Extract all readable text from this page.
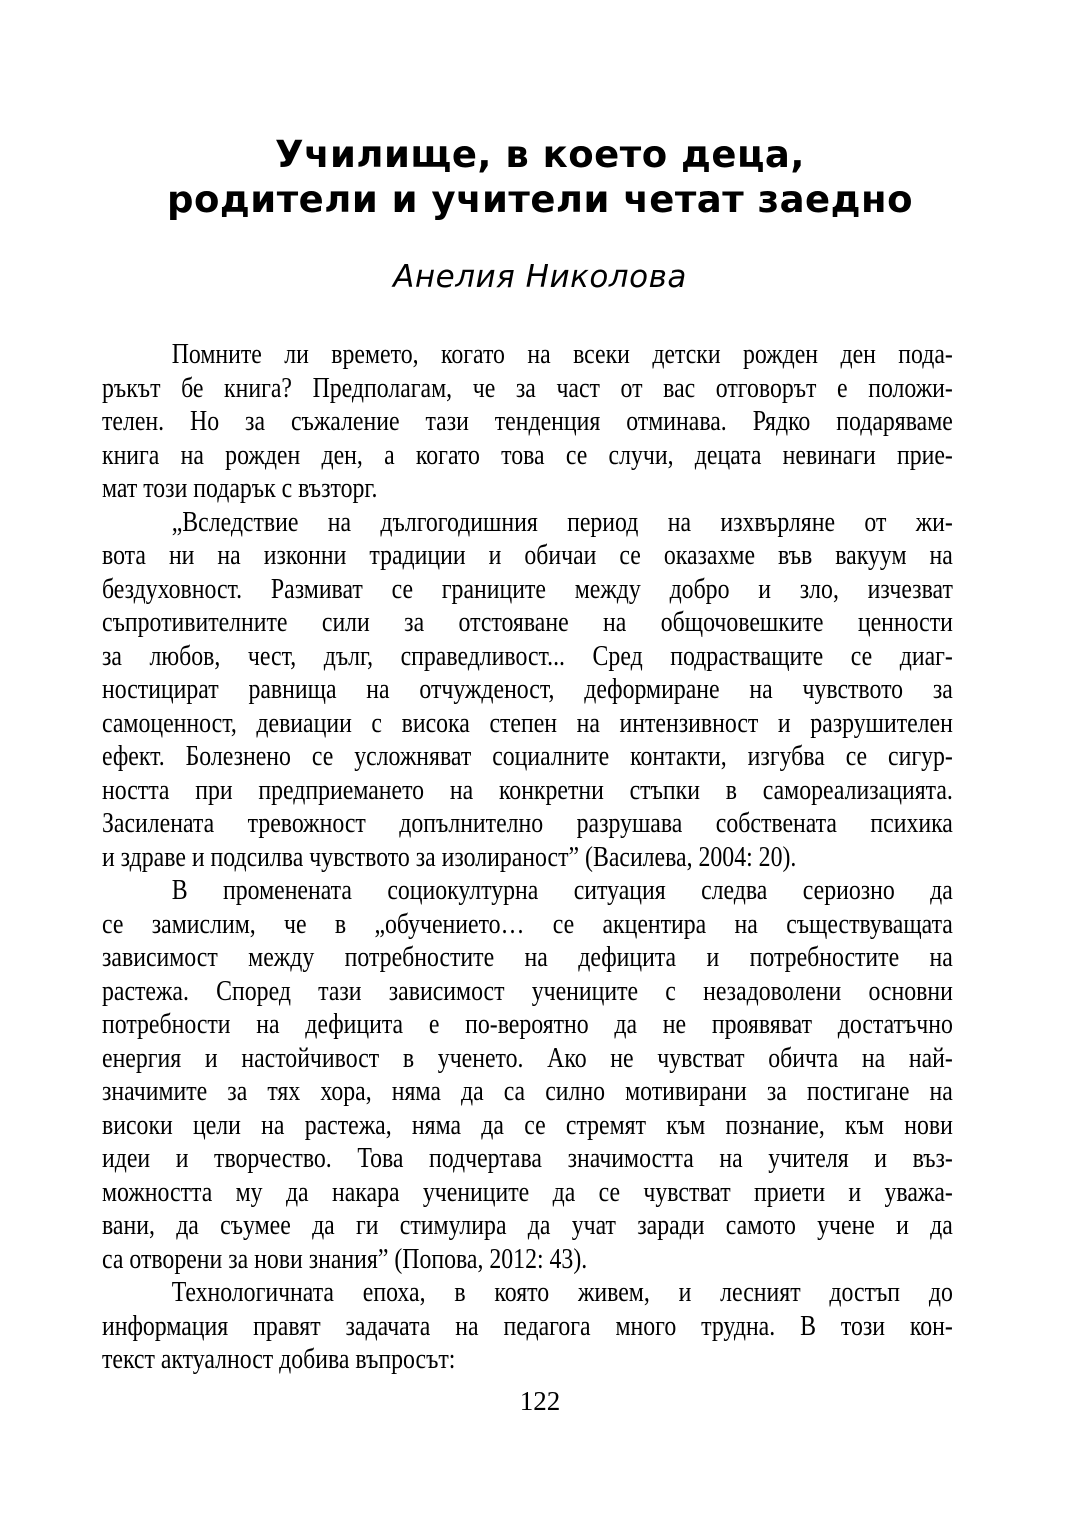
Училище, в което деца,
родители и учители четат заедно
Анелия Николова
Помните ли времето, когато на всеки детски рожден ден пода-
ръкът бе книга? Предполагам, че за част от вас отговорът е положи-
телен. Но за съжаление тази тенденция отминава. Рядко подаряваме
книга на рожден ден, а когато това се случи, децата невинаги прие-
мат този подарък с възторг.
„Вследствие на дългогодишния период на изхвърляне от жи-
вота ни на изконни традиции и обичаи се оказахме във вакуум на
бездуховност. Размиват се границите между добро и зло, изчезват
съпротивителните сили за отстояване на общочовешките ценности
за любов, чест, дълг, справедливост... Сред подрастващите се диаг-
ностицират равнища на отчужденост, деформиране на чувството за
самоценност, девиации с висока степен на интензивност и разрушителен
ефект. Болезнено се усложняват социалните контакти, изгубва се сигур-
ността при предприемането на конкретни стъпки в самореализацията.
Засилената тревожност допълнително разрушава собствената психика
и здраве и подсилва чувството за изолираност” (Василева, 2004: 20).
В променената социокултурна ситуация следва сериозно да
се замислим, че в „обучението… се акцентира на съществуващата
зависимост между потребностите на дефицита и потребностите на
растежа. Според тази зависимост учениците с незадоволени основни
потребности на дефицита е по-вероятно да не проявяват достатъчно
енергия и настойчивост в ученето. Ако не чувстват обичта на най-
значимите за тях хора, няма да са силно мотивирани за постигане на
високи цели на растежа, няма да се стремят към познание, към нови
идеи и творчество. Това подчертава значимостта на учителя и въз-
можността му да накара учениците да се чувстват приети и уважа-
вани, да съумее да ги стимулира да учат заради самото учене и да
са отворени за нови знания” (Попова, 2012: 43).
Технологичната епоха, в която живем, и лесният достъп до
информация правят задачата на педагога много трудна. В този кон-
текст актуалност добива въпросът:
122
